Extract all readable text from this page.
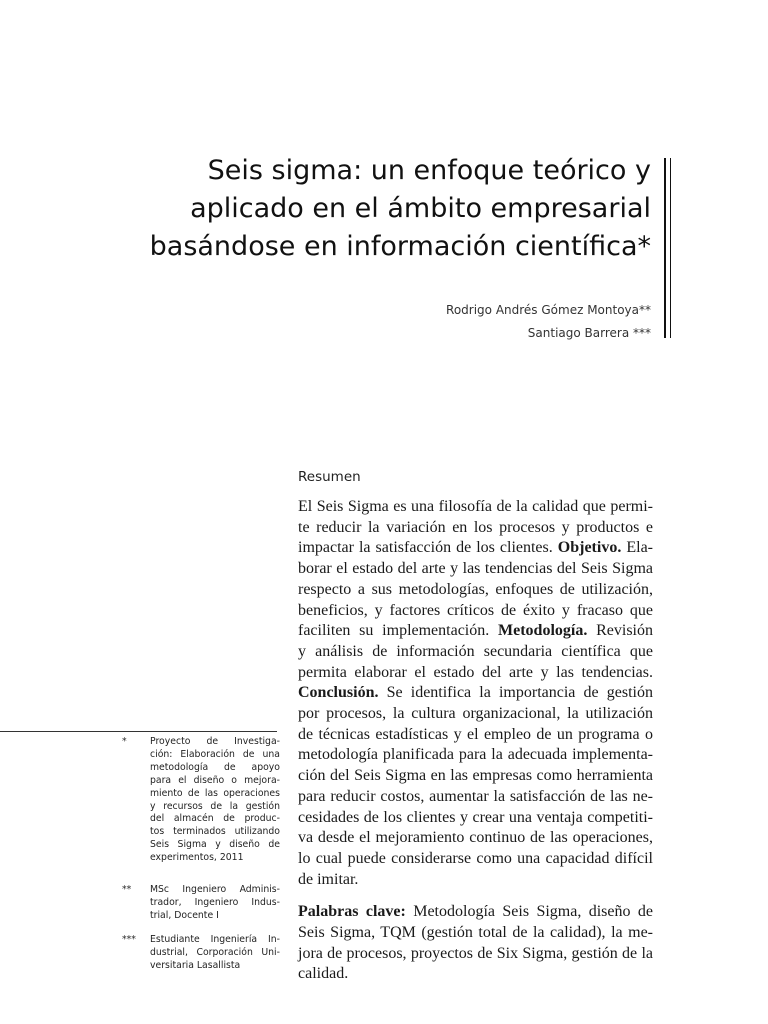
Seis sigma: un enfoque teórico y
aplicado en el ámbito empresarial
basándose en información científica*
Rodrigo Andrés Gómez Montoya**
Santiago Barrera ***
Resumen
El Seis Sigma es una filosofía de la calidad que permi-
te reducir la variación en los procesos y productos e
impactar la satisfacción de los clientes. Objetivo. Ela-
borar el estado del arte y las tendencias del Seis Sigma
respecto a sus metodologías, enfoques de utilización,
beneficios, y factores críticos de éxito y fracaso que
faciliten su implementación. Metodología. Revisión
y análisis de información secundaria científica que
permita elaborar el estado del arte y las tendencias.
Conclusión. Se identifica la importancia de gestión
por procesos, la cultura organizacional, la utilización
de técnicas estadísticas y el empleo de un programa o
metodología planificada para la adecuada implementa-
ción del Seis Sigma en las empresas como herramienta
para reducir costos, aumentar la satisfacción de las ne-
cesidades de los clientes y crear una ventaja competiti-
va desde el mejoramiento continuo de las operaciones,
lo cual puede considerarse como una capacidad difícil
de imitar.
Palabras clave: Metodología Seis Sigma, diseño de
Seis Sigma, TQM (gestión total de la calidad), la me-
jora de procesos, proyectos de Six Sigma, gestión de la
calidad.
*	Proyecto de Investiga-
ción: Elaboración de una
metodología de apoyo
para el diseño o mejora-
miento de las operaciones
y recursos de la gestión
del almacén de produc-
tos terminados utilizando
Seis Sigma y diseño de
experimentos, 2011
** MSc Ingeniero Adminis-
trador, Ingeniero Indus-
trial, Docente I
*** Estudiante Ingeniería In-
dustrial, Corporación Uni-
versitaria Lasallista
